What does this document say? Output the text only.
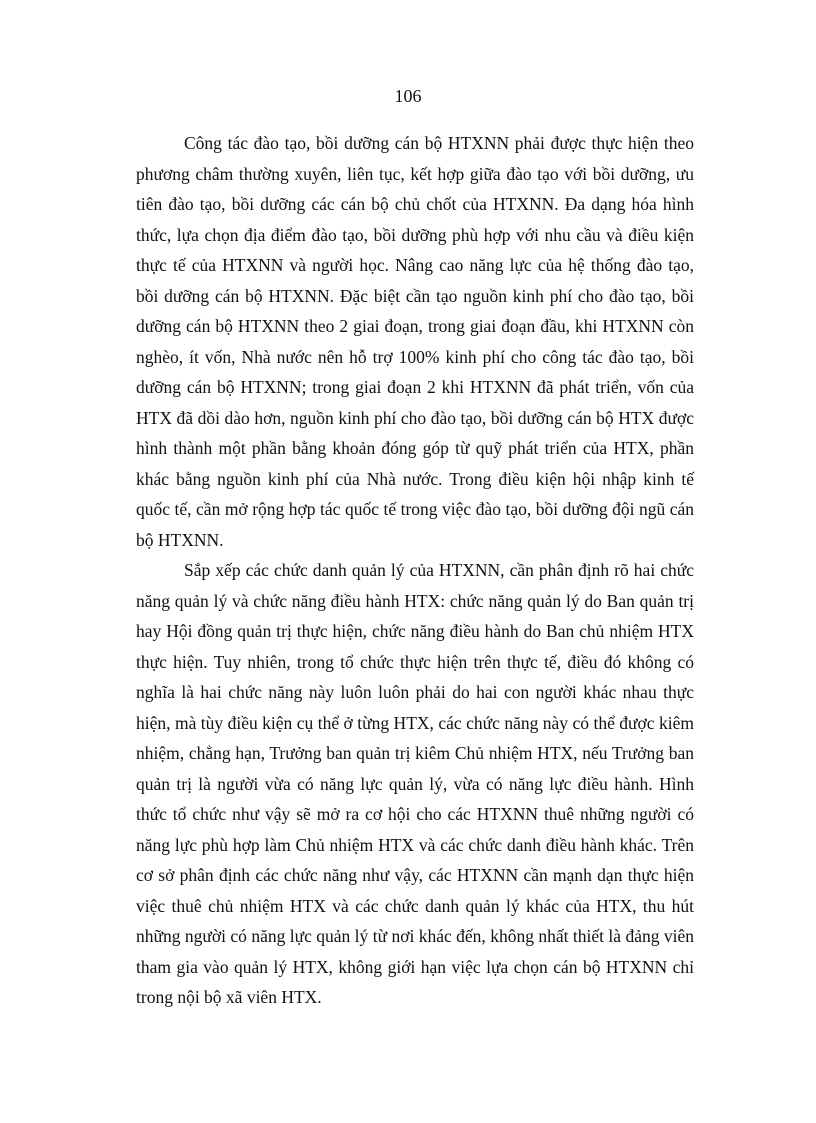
106

Công tác đào tạo, bồi dưỡng cán bộ HTXNN phải được thực hiện theo phương châm thường xuyên, liên tục, kết hợp giữa đào tạo với bồi dưỡng, ưu tiên đào tạo, bồi dưỡng các cán bộ chủ chốt của HTXNN. Đa dạng hóa hình thức, lựa chọn địa điểm đào tạo, bồi dưỡng phù hợp với nhu cầu và điều kiện thực tế của HTXNN và người học. Nâng cao năng lực của hệ thống đào tạo, bồi dưỡng cán bộ HTXNN. Đặc biệt cần tạo nguồn kinh phí cho đào tạo, bồi dưỡng cán bộ HTXNN theo 2 giai đoạn, trong giai đoạn đầu, khi HTXNN còn nghèo, ít vốn, Nhà nước nên hỗ trợ 100% kinh phí cho công tác đào tạo, bồi dưỡng cán bộ HTXNN; trong giai đoạn 2 khi HTXNN đã phát triển, vốn của HTX đã dồi dào hơn, nguồn kinh phí cho đào tạo, bồi dưỡng cán bộ HTX được hình thành một phần bằng khoản đóng góp từ quỹ phát triển của HTX, phần khác bằng nguồn kinh phí của Nhà nước. Trong điều kiện hội nhập kinh tế quốc tế, cần mở rộng hợp tác quốc tế trong việc đào tạo, bồi dưỡng đội ngũ cán bộ HTXNN.

Sắp xếp các chức danh quản lý của HTXNN, cần phân định rõ hai chức năng quản lý và chức năng điều hành HTX: chức năng quản lý do Ban quản trị hay Hội đồng quản trị thực hiện, chức năng điều hành do Ban chủ nhiệm HTX thực hiện. Tuy nhiên, trong tổ chức thực hiện trên thực tế, điều đó không có nghĩa là hai chức năng này luôn luôn phải do hai con người khác nhau thực hiện, mà tùy điều kiện cụ thể ở từng HTX, các chức năng này có thể được kiêm nhiệm, chẳng hạn, Trưởng ban quản trị kiêm Chủ nhiệm HTX, nếu Trưởng ban quản trị là người vừa có năng lực quản lý, vừa có năng lực điều hành. Hình thức tổ chức như vậy sẽ mở ra cơ hội cho các HTXNN thuê những người có năng lực phù hợp làm Chủ nhiệm HTX và các chức danh điều hành khác. Trên cơ sở phân định các chức năng như vậy, các HTXNN cần mạnh dạn thực hiện việc thuê chủ nhiệm HTX và các chức danh quản lý khác của HTX, thu hút những người có năng lực quản lý từ nơi khác đến, không nhất thiết là đảng viên tham gia vào quản lý HTX, không giới hạn việc lựa chọn cán bộ HTXNN chỉ trong nội bộ xã viên HTX.
